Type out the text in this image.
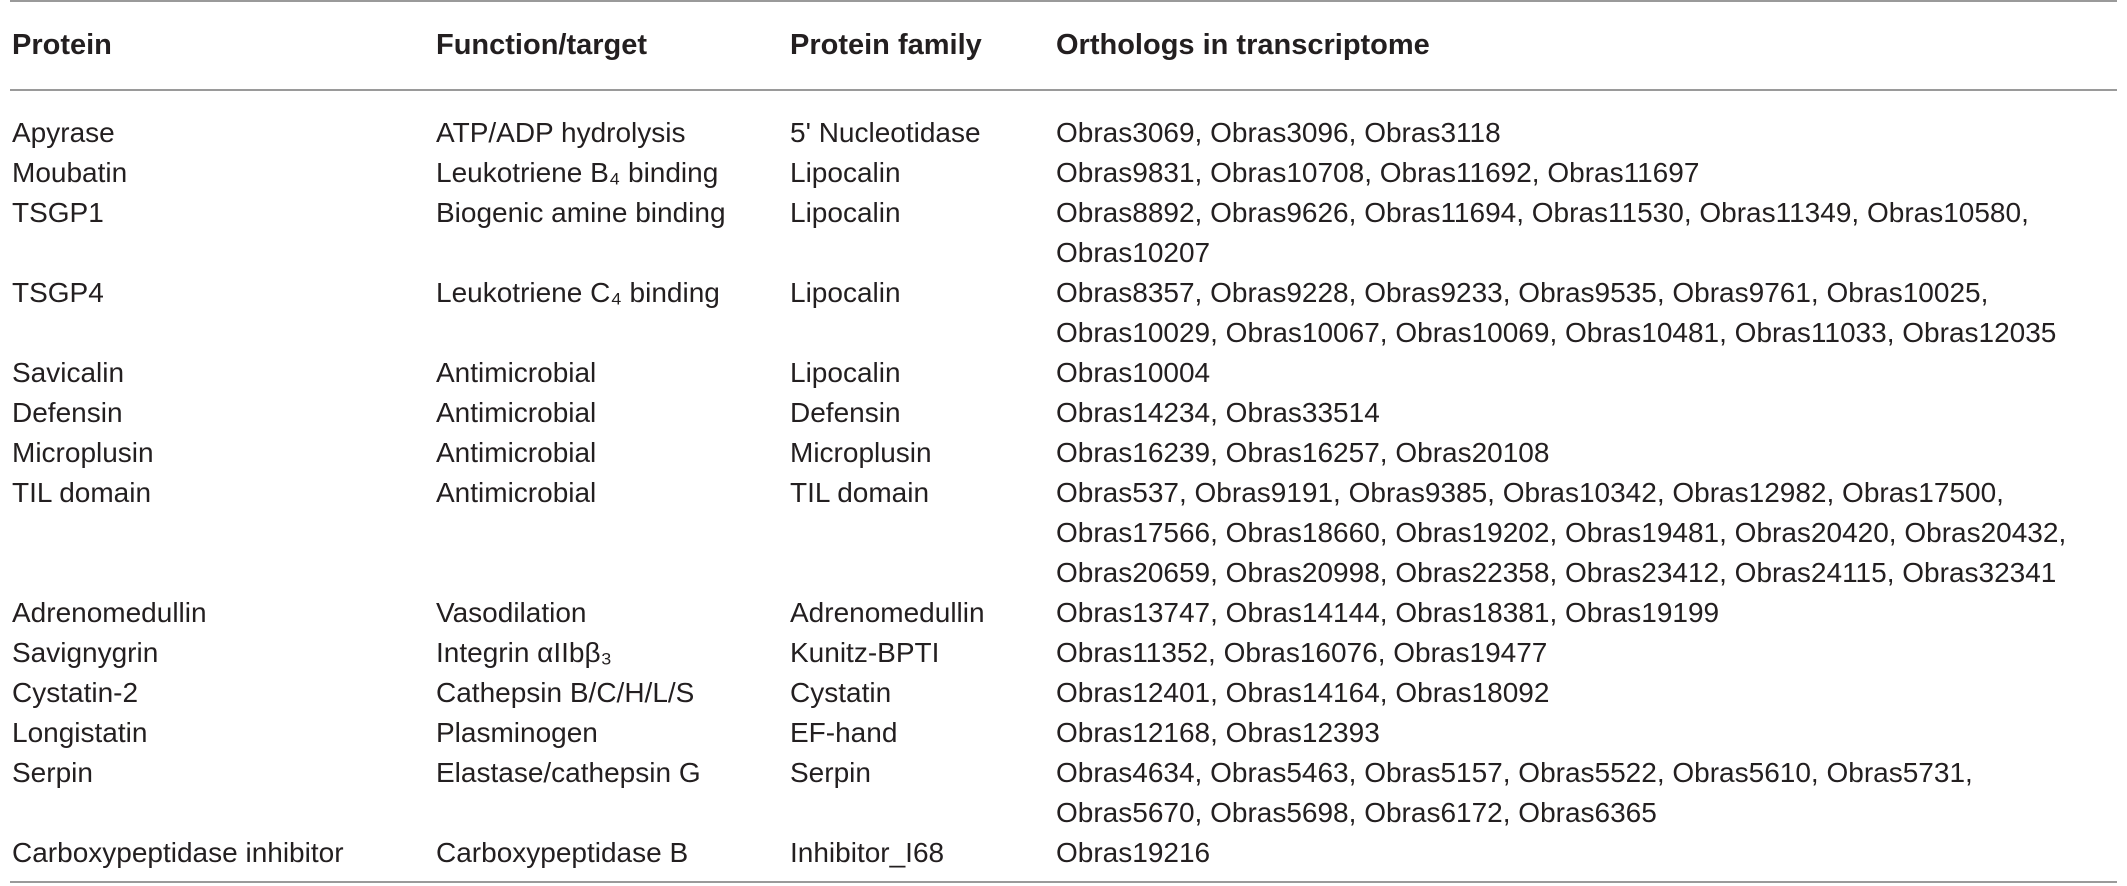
Protein	Function/target	Protein family	Orthologs in transcriptome
Apyrase	ATP/ADP hydrolysis	5' Nucleotidase	Obras3069, Obras3096, Obras3118
Moubatin	Leukotriene B₄ binding	Lipocalin	Obras9831, Obras10708, Obras11692, Obras11697
TSGP1	Biogenic amine binding	Lipocalin	Obras8892, Obras9626, Obras11694, Obras11530, Obras11349, Obras10580, Obras10207
TSGP4	Leukotriene C₄ binding	Lipocalin	Obras8357, Obras9228, Obras9233, Obras9535, Obras9761, Obras10025, Obras10029, Obras10067, Obras10069, Obras10481, Obras11033, Obras12035
Savicalin	Antimicrobial	Lipocalin	Obras10004
Defensin	Antimicrobial	Defensin	Obras14234, Obras33514
Microplusin	Antimicrobial	Microplusin	Obras16239, Obras16257, Obras20108
TIL domain	Antimicrobial	TIL domain	Obras537, Obras9191, Obras9385, Obras10342, Obras12982, Obras17500, Obras17566, Obras18660, Obras19202, Obras19481, Obras20420, Obras20432, Obras20659, Obras20998, Obras22358, Obras23412, Obras24115, Obras32341
Adrenomedullin	Vasodilation	Adrenomedullin	Obras13747, Obras14144, Obras18381, Obras19199
Savignygrin	Integrin αIIbβ₃	Kunitz-BPTI	Obras11352, Obras16076, Obras19477
Cystatin-2	Cathepsin B/C/H/L/S	Cystatin	Obras12401, Obras14164, Obras18092
Longistatin	Plasminogen	EF-hand	Obras12168, Obras12393
Serpin	Elastase/cathepsin G	Serpin	Obras4634, Obras5463, Obras5157, Obras5522, Obras5610, Obras5731, Obras5670, Obras5698, Obras6172, Obras6365
Carboxypeptidase inhibitor	Carboxypeptidase B	Inhibitor_I68	Obras19216
